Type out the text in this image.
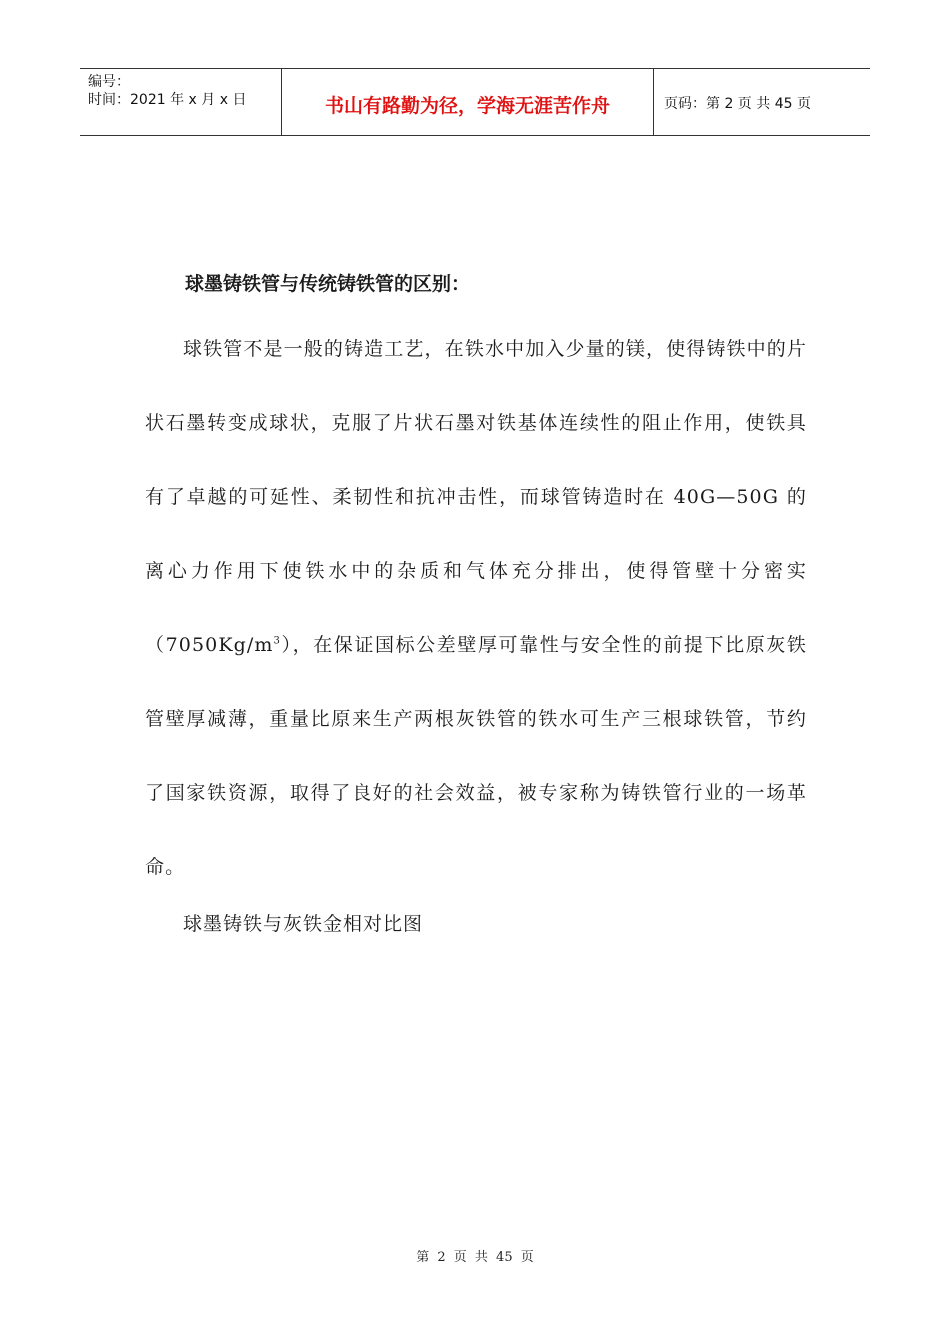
编号：
时间：2021 年 x 月 x 日	书山有路勤为径，学海无涯苦作舟	页码：第 2 页 共 45 页
球墨铸铁管与传统铸铁管的区别：

球铁管不是一般的铸造工艺，在铁水中加入少量的镁，使得铸铁中的片状石墨转变成球状，克服了片状石墨对铁基体连续性的阻止作用，使铁具有了卓越的可延性、柔韧性和抗冲击性，而球管铸造时在 40G—50G 的离心力作用下使铁水中的杂质和气体充分排出，使得管壁十分密实$(7050Kg/m^3)$，在保证国标公差壁厚可靠性与安全性的前提下比原灰铁管壁厚减薄，重量比原来生产两根灰铁管的铁水可生产三根球铁管，节约了国家铁资源，取得了良好的社会效益，被专家称为铸铁管行业的一场革命。

球墨铸铁与灰铁金相对比图
第 2 页 共 45 页
